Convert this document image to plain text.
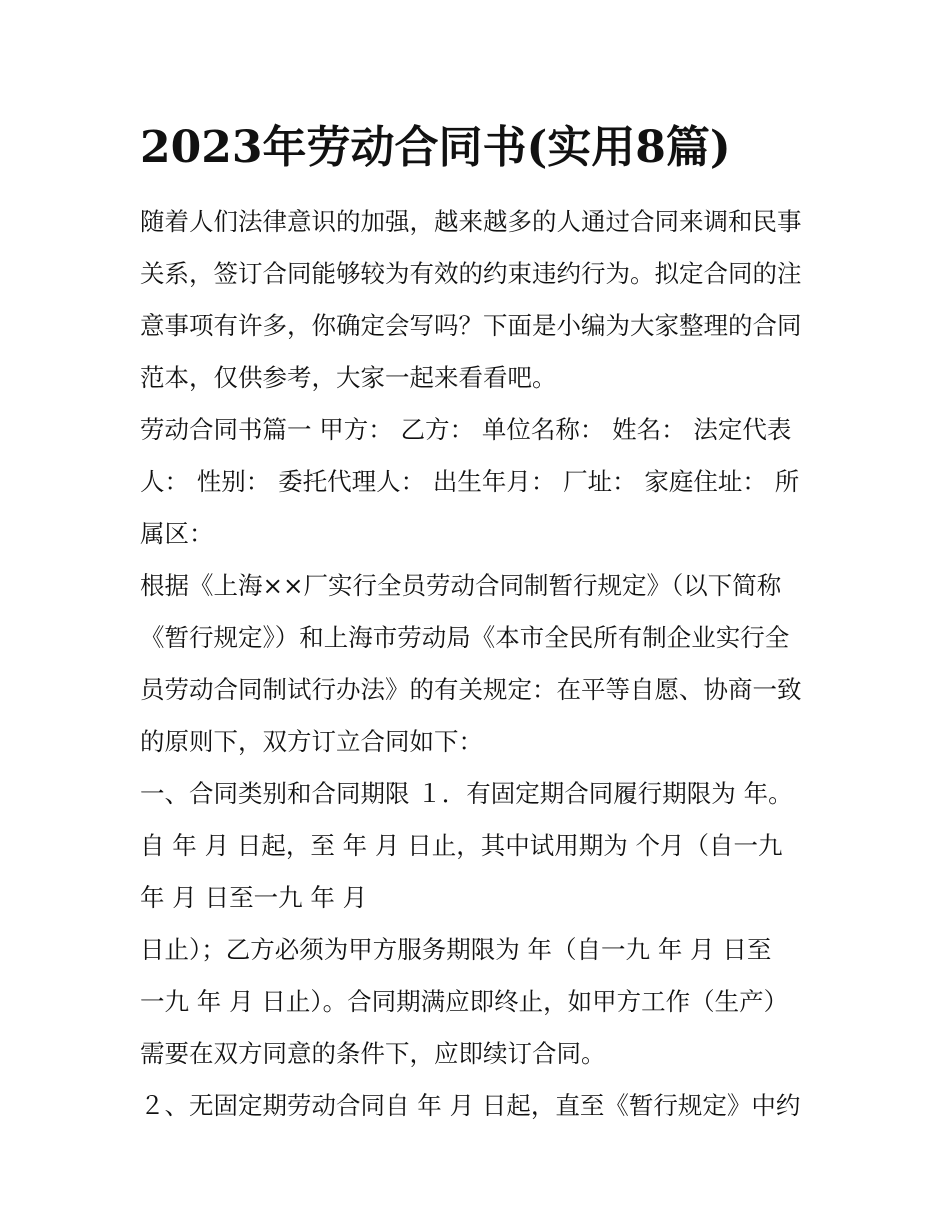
2023年劳动合同书(实用8篇)
随着人们法律意识的加强，越来越多的人通过合同来调和民事
关系，签订合同能够较为有效的约束违约行为。拟定合同的注
意事项有许多，你确定会写吗？下面是小编为大家整理的合同
范本，仅供参考，大家一起来看看吧。
劳动合同书篇一 甲方： 乙方： 单位名称： 姓名： 法定代表
人： 性别： 委托代理人： 出生年月： 厂址： 家庭住址： 所
属区：
根据《上海××厂实行全员劳动合同制暂行规定》（以下简称
《暂行规定》）和上海市劳动局《本市全民所有制企业实行全
员劳动合同制试行办法》的有关规定：在平等自愿、协商一致
的原则下，双方订立合同如下：
一、合同类别和合同期限 １．有固定期合同履行期限为 年。
自 年 月 日起，至 年 月 日止，其中试用期为 个月（自一九
年 月 日至一九 年 月
日止）；乙方必须为甲方服务期限为 年（自一九 年 月 日至
一九 年 月 日止）。合同期满应即终止，如甲方工作（生产）
需要在双方同意的条件下，应即续订合同。
２、无固定期劳动合同自 年 月 日起，直至《暂行规定》中约
